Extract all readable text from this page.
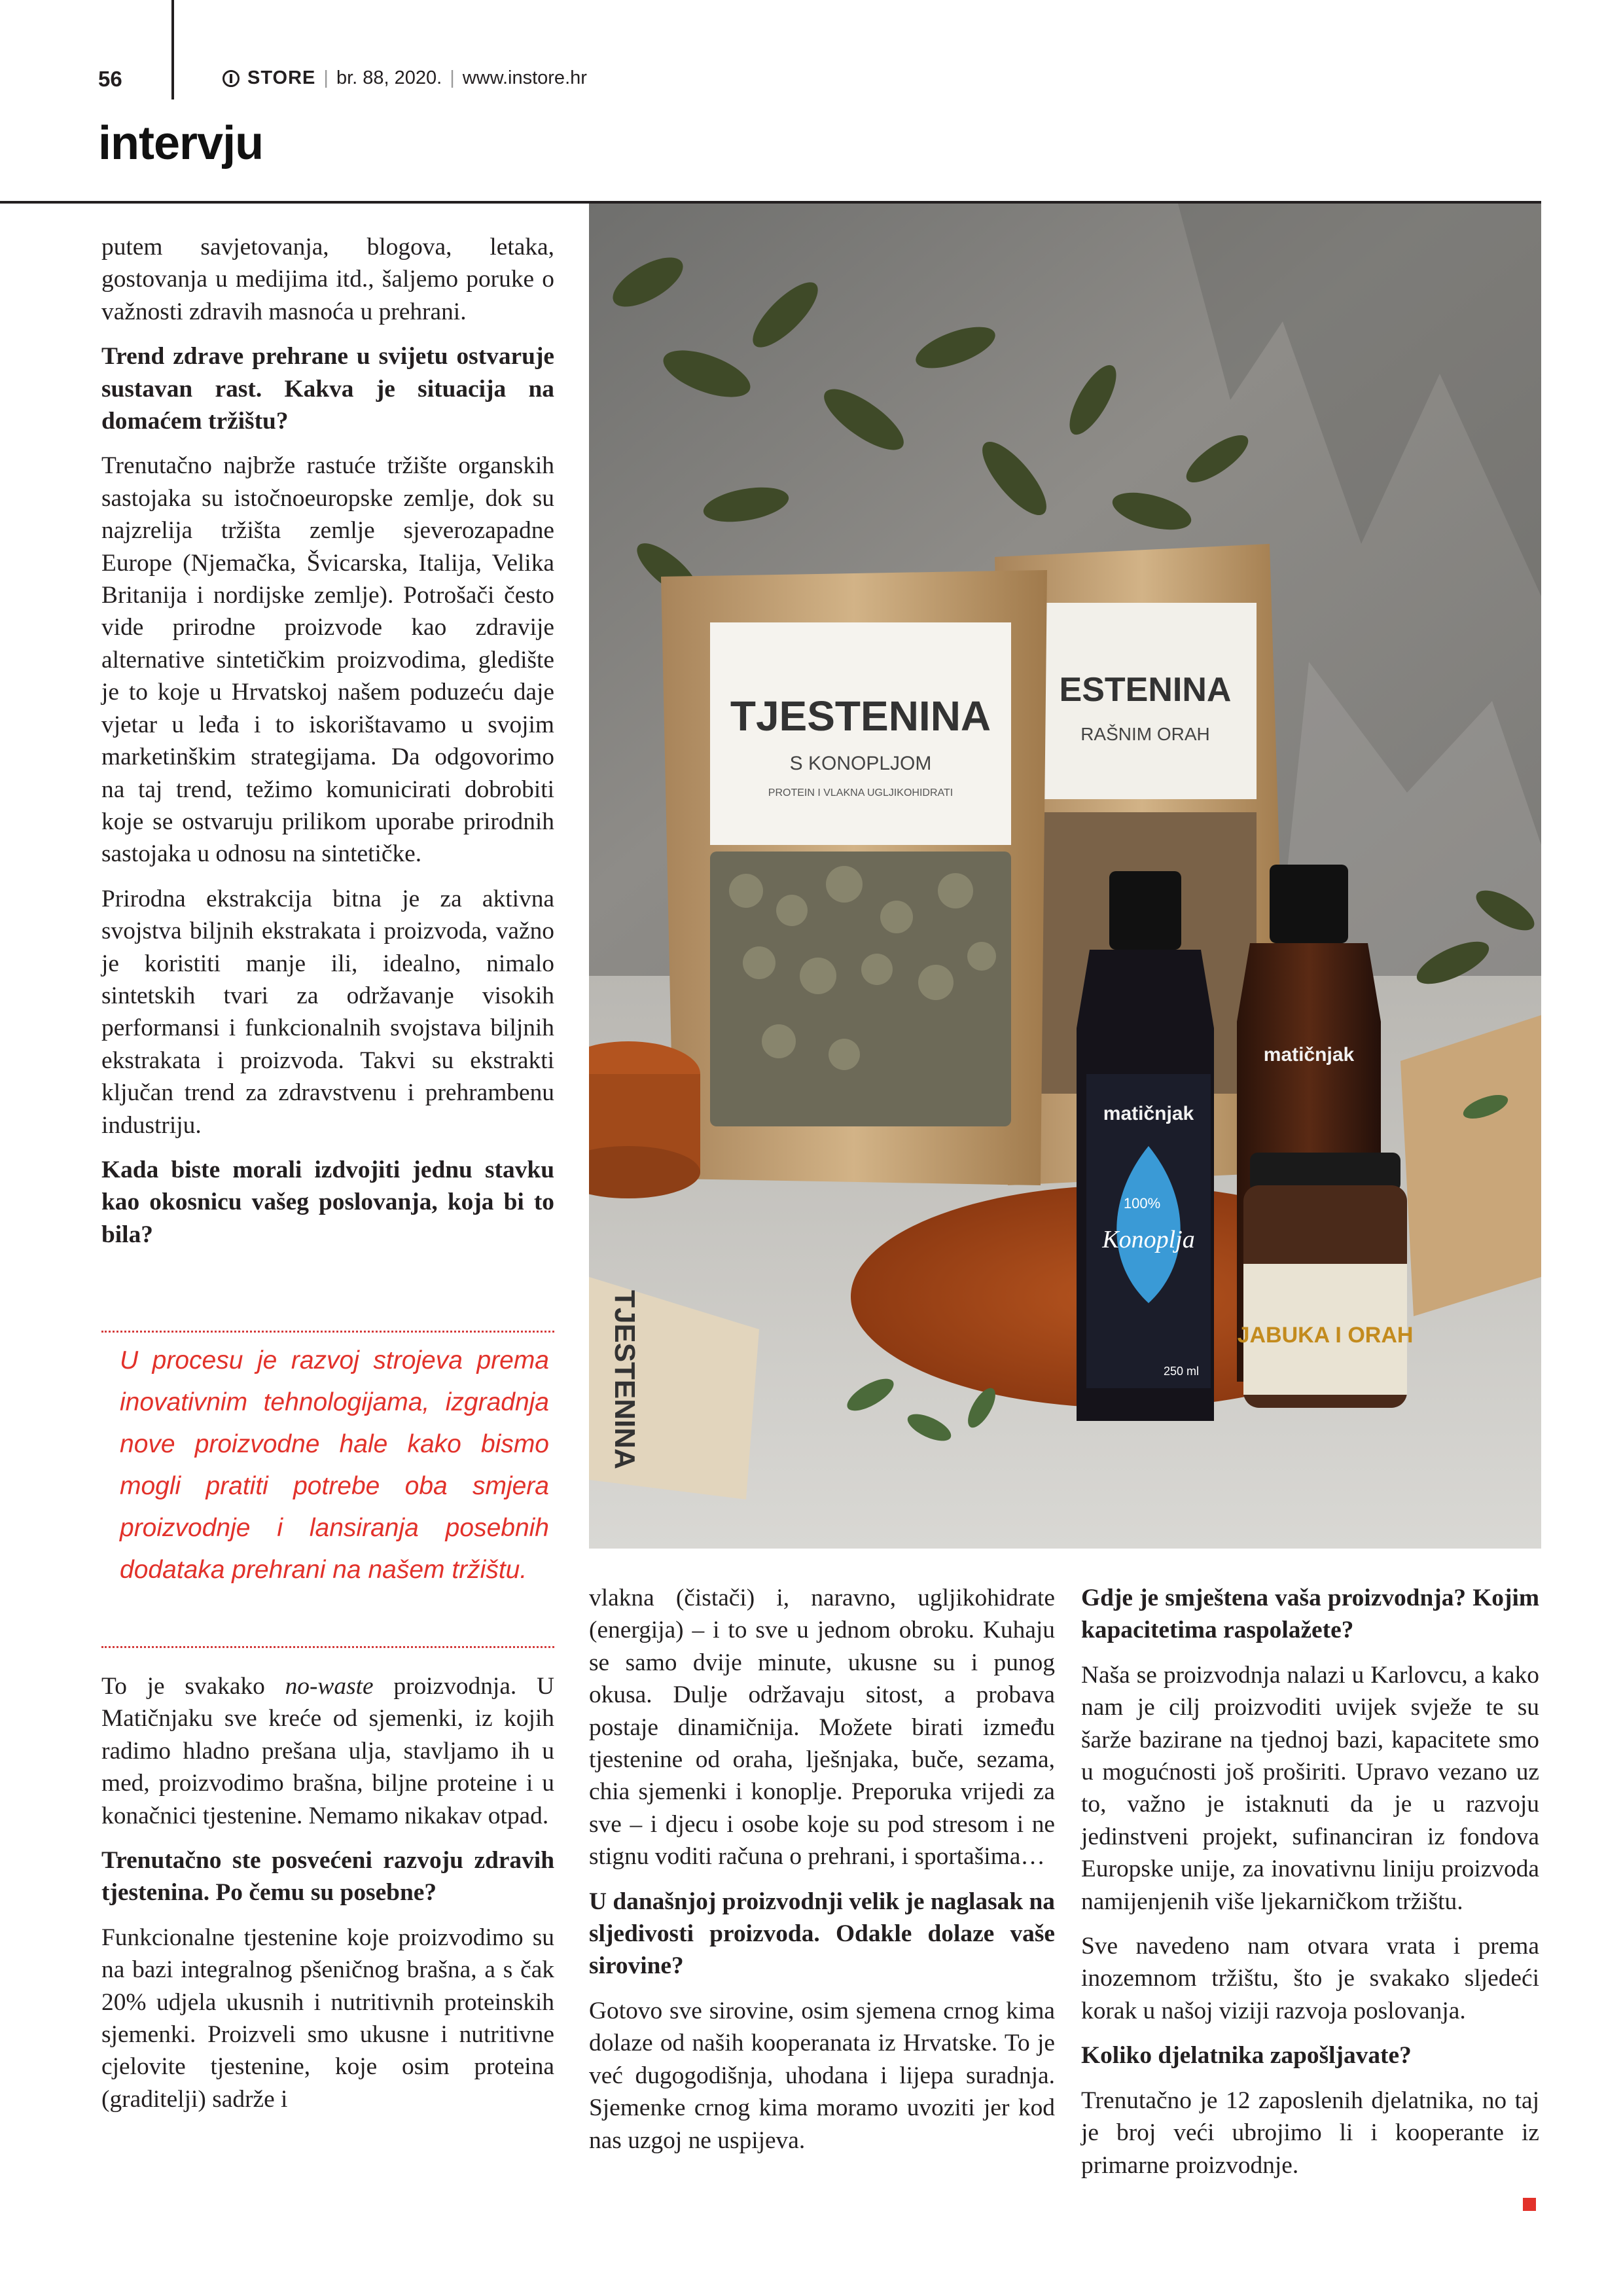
56	STORE | br. 88, 2020. | www.instore.hr
intervju

putem savjetovanja, blogova, letaka, gostovanja u medijima itd., šaljemo poruke o važnosti zdravih masnoća u prehrani.

Trend zdrave prehrane u svijetu ostvaruje sustavan rast. Kakva je situacija na domaćem tržištu?

Trenutačno najbrže rastuće tržište organskih sastojaka su istočnoeuropske zemlje, dok su najzrelija tržišta zemlje sjeverozapadne Europe (Njemačka, Švicarska, Italija, Velika Britanija i nordijske zemlje). Potrošači često vide prirodne proizvode kao zdravije alternative sintetičkim proizvodima, gledište je to koje u Hrvatskoj našem poduzeću daje vjetar u leđa i to iskorištavamo u svojim marketinškim strategijama. Da odgovorimo na taj trend, težimo komunicirati dobrobiti koje se ostvaruju prilikom uporabe prirodnih sastojaka u odnosu na sintetičke.

Prirodna ekstrakcija bitna je za aktivna svojstva biljnih ekstrakata i proizvoda, važno je koristiti manje ili, idealno, nimalo sintetskih tvari za održavanje visokih performansi i funkcionalnih svojstava biljnih ekstrakata i proizvoda. Takvi su ekstrakti ključan trend za zdravstvenu i prehrambenu industriju.

Kada biste morali izdvojiti jednu stavku kao okosnicu vašeg poslovanja, koja bi to bila?

U procesu je razvoj strojeva prema inovativnim tehnologijama, izgradnja nove proizvodne hale kako bismo mogli pratiti potrebe oba smjera proizvodnje i lansiranja posebnih dodataka prehrani na našem tržištu.

To je svakako no-waste proizvodnja. U Matičnjaku sve kreće od sjemenki, iz kojih radimo hladno prešana ulja, stavljamo ih u med, proizvodimo brašna, biljne proteine i u konačnici tjestenine. Nemamo nikakav otpad.

Trenutačno ste posvećeni razvoju zdravih tjestenina. Po čemu su posebne?

Funkcionalne tjestenine koje proizvodimo su na bazi integralnog pšeničnog brašna, a s čak 20% udjela ukusnih i nutritivnih proteinskih sjemenki. Proizveli smo ukusne i nutritivne cjelovite tjestenine, koje osim proteina (graditelji) sadrže i

vlakna (čistači) i, naravno, ugljikohidrate (energija) – i to sve u jednom obroku. Kuhaju se samo dvije minute, ukusne su i punog okusa. Dulje održavaju sitost, a probava postaje dinamičnija. Možete birati između tjestenine od oraha, lješnjaka, buče, sezama, chia sjemenki i konoplje. Preporuka vrijedi za sve – i djecu i osobe koje su pod stresom i ne stignu voditi računa o prehrani, i sportašima…

U današnjoj proizvodnji velik je naglasak na sljedivosti proizvoda. Odakle dolaze vaše sirovine?

Gotovo sve sirovine, osim sjemena crnog kima dolaze od naših kooperanata iz Hrvatske. To je već dugogodišnja, uhodana i lijepa suradnja. Sjemenke crnog kima moramo uvoziti jer kod nas uzgoj ne uspijeva.

Gdje je smještena vaša proizvodnja? Kojim kapacitetima raspolažete?

Naša se proizvodnja nalazi u Karlovcu, a kako nam je cilj proizvoditi uvijek svježe te su šarže bazirane na tjednoj bazi, kapacitete smo u mogućnosti još proširiti. Upravo vezano uz to, važno je istaknuti da je u razvoju jedinstveni projekt, sufinanciran iz fondova Europske unije, za inovativnu liniju proizvoda namijenjenih više ljekarničkom tržištu.

Sve navedeno nam otvara vrata i prema inozemnom tržištu, što je svakako sljedeći korak u našoj viziji razvoja poslovanja.

Koliko djelatnika zapošljavate?

Trenutačno je 12 zaposlenih djelatnika, no taj je broj veći ubrojimo li i kooperante iz primarne proizvodnje.

ESTENINA
RAŠNIM ORAH
TJESTENINA
S KONOPLJOM
PROTEIN I VLAKNA UGLJIKOHIDRATI
matičnjak
matičnjak
100%
Konoplja
250 ml
JABUKA I ORAH
TJESTENINA
